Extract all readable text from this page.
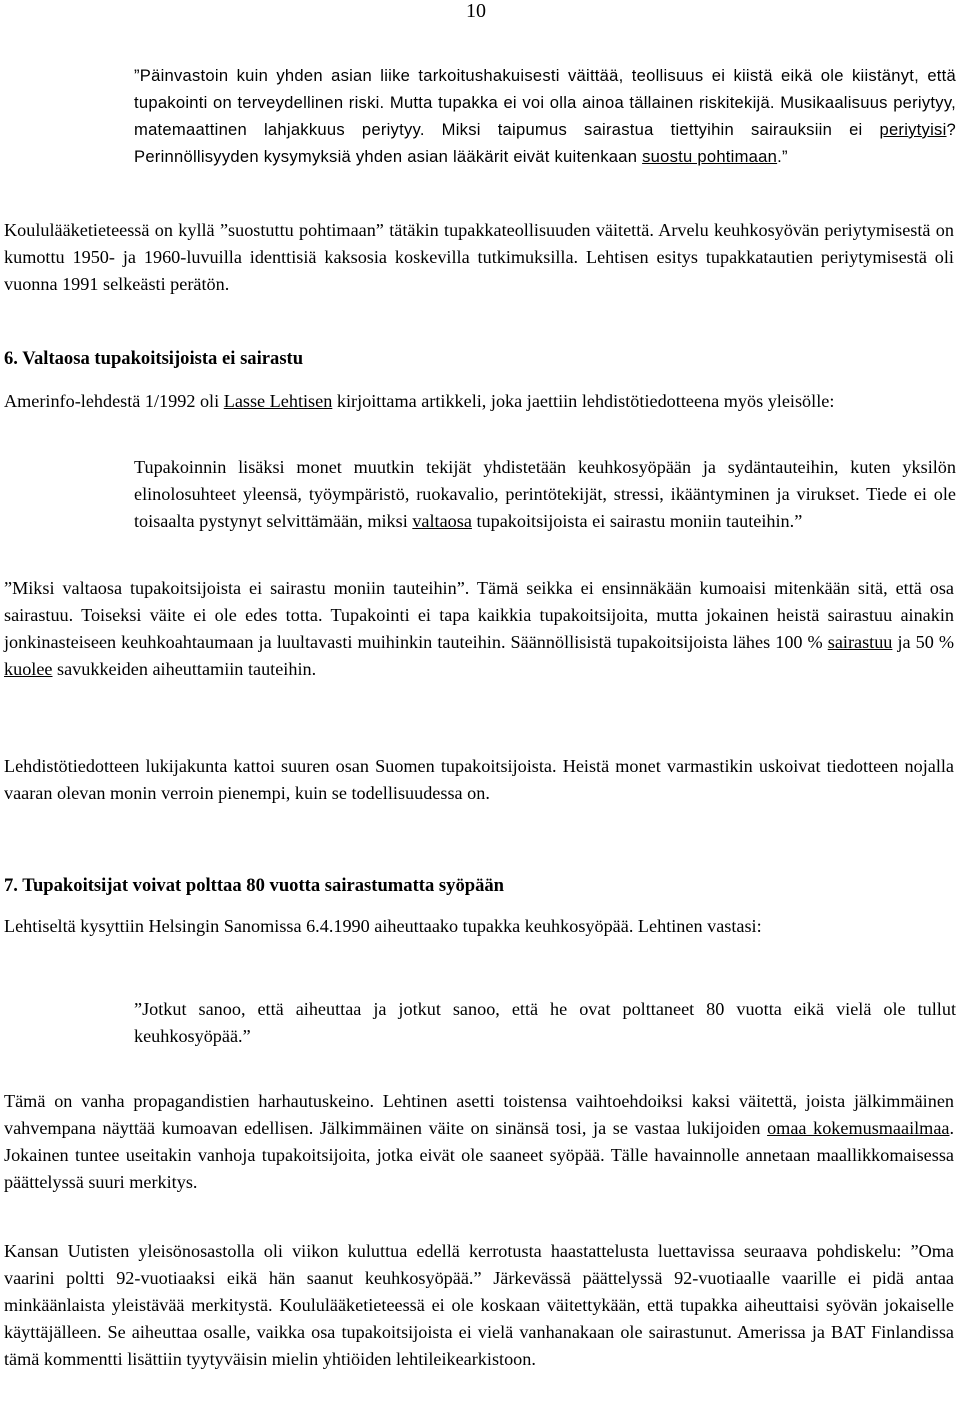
10

”Päinvastoin kuin yhden asian liike tarkoitushakuisesti väittää, teollisuus ei kiistä eikä ole kiistänyt, että tupakointi on terveydellinen riski. Mutta tupakka ei voi olla ainoa tällainen riskitekijä. Musikaalisuus periytyy, matemaattinen lahjakkuus periytyy. Miksi taipumus sairastua tiettyihin sairauksiin ei periytyisi? Perinnöllisyyden kysymyksiä yhden asian lääkärit eivät kuitenkaan suostu pohtimaan.”

Koululääketieteessä on kyllä ”suostuttu pohtimaan” tätäkin tupakkateollisuuden väitettä. Arvelu keuhkosyövän periytymisestä on kumottu 1950- ja 1960-luvuilla identtisiä kaksosia koskevilla tutkimuksilla. Lehtisen esitys tupakkatautien periytymisestä oli vuonna 1991 selkeästi perätön.

6. Valtaosa tupakoitsijoista ei sairastu

Amerinfo-lehdestä 1/1992 oli Lasse Lehtisen kirjoittama artikkeli, joka jaettiin lehdistötiedotteena myös yleisölle:

Tupakoinnin lisäksi monet muutkin tekijät yhdistetään keuhkosyöpään ja sydäntauteihin, kuten yksilön elinolosuhteet yleensä, työympäristö, ruokavalio, perintötekijät, stressi, ikääntyminen ja virukset. Tiede ei ole toisaalta pystynyt selvittämään, miksi valtaosa tupakoitsijoista ei sairastu moniin tauteihin.”

”Miksi valtaosa tupakoitsijoista ei sairastu moniin tauteihin”. Tämä seikka ei ensinnäkään kumoaisi mitenkään sitä, että osa sairastuu. Toiseksi väite ei ole edes totta. Tupakointi ei tapa kaikkia tupakoitsijoita, mutta jokainen heistä sairastuu ainakin jonkinasteiseen keuhkoahtaumaan ja luultavasti muihinkin tauteihin. Säännöllisistä tupakoitsijoista lähes 100 % sairastuu ja 50 % kuolee savukkeiden aiheuttamiin tauteihin.

Lehdistötiedotteen lukijakunta kattoi suuren osan Suomen tupakoitsijoista. Heistä monet varmastikin uskoivat tiedotteen nojalla vaaran olevan monin verroin pienempi, kuin se todellisuudessa on.

7. Tupakoitsijat voivat polttaa 80 vuotta sairastumatta syöpään

Lehtiseltä kysyttiin Helsingin Sanomissa 6.4.1990 aiheuttaako tupakka keuhkosyöpää. Lehtinen vastasi:

”Jotkut sanoo, että aiheuttaa ja jotkut sanoo, että he ovat polttaneet 80 vuotta eikä vielä ole tullut keuhkosyöpää.”

Tämä on vanha propagandistien harhautuskeino. Lehtinen asetti toistensa vaihtoehdoiksi kaksi väitettä, joista jälkimmäinen vahvempana näyttää kumoavan edellisen. Jälkimmäinen väite on sinänsä tosi, ja se vastaa lukijoiden omaa kokemusmaailmaa. Jokainen tuntee useitakin vanhoja tupakoitsijoita, jotka eivät ole saaneet syöpää. Tälle havainnolle annetaan maallikkomaisessa päättelyssä suuri merkitys.

Kansan Uutisten yleisönosastolla oli viikon kuluttua edellä kerrotusta haastattelusta luettavissa seuraava pohdiskelu: ”Oma vaarini poltti 92-vuotiaaksi eikä hän saanut keuhkosyöpää.” Järkevässä päättelyssä 92-vuotiaalle vaarille ei pidä antaa minkäänlaista yleistävää merkitystä. Koululääketieteessä ei ole koskaan väitettykään, että tupakka aiheuttaisi syövän jokaiselle käyttäjälleen. Se aiheuttaa osalle, vaikka osa tupakoitsijoista ei vielä vanhanakaan ole sairastunut. Amerissa ja BAT Finlandissa tämä kommentti lisättiin tyytyväisin mielin yhtiöiden lehtileikearkistoon.
